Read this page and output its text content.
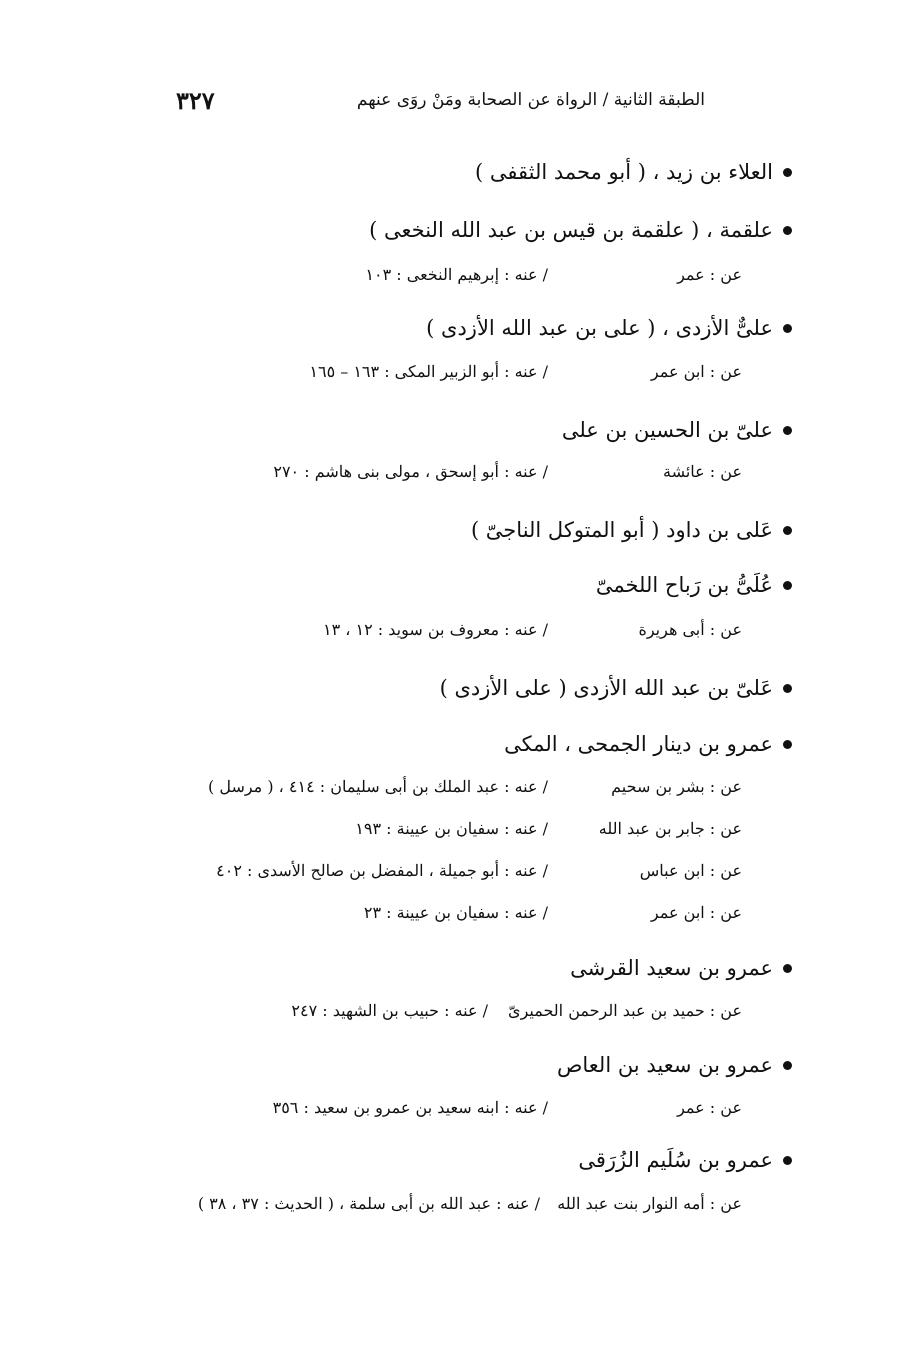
٣٢٧	الطبقة الثانية / الرواة عن الصحابة ومَنْ روَى عنهم
العلاء بن زيد ، ( أبو محمد الثقفى )
علقمة ، ( علقمة بن قيس بن عبد الله النخعى )
عن : عمر
/ عنه : إبرهيم النخعى : ١٠٣
علىٌّ الأزدى ، ( على بن عبد الله الأزدى )
عن : ابن عمر
/ عنه : أبو الزبير المكى : ١٦٣ – ١٦٥
علىّ بن الحسين بن على
عن : عائشة
/ عنه : أبو إسحق ، مولى بنى هاشم : ٢٧٠
عَلى بن داود ( أبو المتوكل الناجىّ )
عُلَىُّ بن رَباح اللخمىّ
عن : أبى هريرة
/ عنه : معروف بن سويد : ١٢ ، ١٣
عَلىّ بن عبد الله الأزدى ( على الأزدى )
عمرو بن دينار الجمحى ، المكى
عن : بشر بن سحيم
/ عنه : عبد الملك بن أبى سليمان : ٤١٤ ، ( مرسل )
عن : جابر بن عبد الله
/ عنه : سفيان بن عيينة : ١٩٣
عن : ابن عباس
/ عنه : أبو جميلة ، المفضل بن صالح الأسدى : ٤٠٢
عن : ابن عمر
/ عنه : سفيان بن عيينة : ٢٣
عمرو بن سعيد القرشى
عن : حميد بن عبد الرحمن الحميرىّ
/ عنه : حبيب بن الشهيد : ٢٤٧
عمرو بن سعيد بن العاص
عن : عمر
/ عنه : ابنه سعيد بن عمرو بن سعيد : ٣٥٦
عمرو بن سُلَيم الزُرَقى
عن : أمه النوار بنت عبد الله
/ عنه : عبد الله بن أبى سلمة ، ( الحديث : ٣٧ ، ٣٨ )
